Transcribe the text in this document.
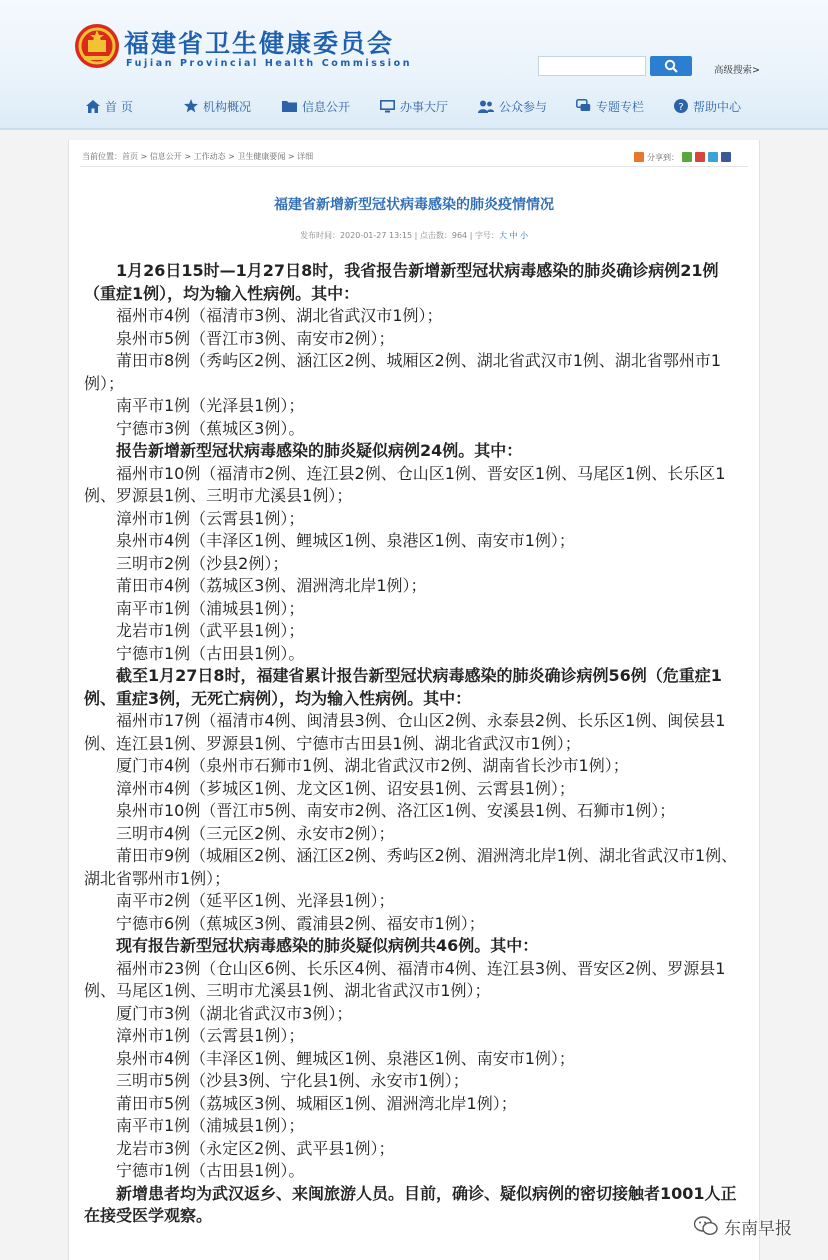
福建省卫生健康委员会
Fujian Provincial Health Commission
高级搜索>
首 页	机构概况	信息公开	办事大厅	公众参与	专题专栏	? 帮助中心
当前位置：首页 > 信息公开 > 工作动态 > 卫生健康要闻 > 详细	分享到：
福建省新增新型冠状病毒感染的肺炎疫情情况
发布时间：2020-01-27 13:15 | 点击数：964 | 字号：大 中 小

1月26日15时—1月27日8时，我省报告新增新型冠状病毒感染的肺炎确诊病例21例（重症1例），均为输入性病例。其中：

福州市4例（福清市3例、湖北省武汉市1例）；

泉州市5例（晋江市3例、南安市2例）；

莆田市8例（秀屿区2例、涵江区2例、城厢区2例、湖北省武汉市1例、湖北省鄂州市1例）；

南平市1例（光泽县1例）；

宁德市3例（蕉城区3例）。

报告新增新型冠状病毒感染的肺炎疑似病例24例。其中：

福州市10例（福清市2例、连江县2例、仓山区1例、晋安区1例、马尾区1例、长乐区1例、罗源县1例、三明市尤溪县1例）；

漳州市1例（云霄县1例）；

泉州市4例（丰泽区1例、鲤城区1例、泉港区1例、南安市1例）；

三明市2例（沙县2例）；

莆田市4例（荔城区3例、湄洲湾北岸1例）；

南平市1例（浦城县1例）；

龙岩市1例（武平县1例）；

宁德市1例（古田县1例）。

截至1月27日8时，福建省累计报告新型冠状病毒感染的肺炎确诊病例56例（危重症1例、重症3例，无死亡病例），均为输入性病例。其中：

福州市17例（福清市4例、闽清县3例、仓山区2例、永泰县2例、长乐区1例、闽侯县1例、连江县1例、罗源县1例、宁德市古田县1例、湖北省武汉市1例）；

厦门市4例（泉州市石狮市1例、湖北省武汉市2例、湖南省长沙市1例）；

漳州市4例（芗城区1例、龙文区1例、诏安县1例、云霄县1例）；

泉州市10例（晋江市5例、南安市2例、洛江区1例、安溪县1例、石狮市1例）；

三明市4例（三元区2例、永安市2例）；

莆田市9例（城厢区2例、涵江区2例、秀屿区2例、湄洲湾北岸1例、湖北省武汉市1例、湖北省鄂州市1例）；

南平市2例（延平区1例、光泽县1例）；

宁德市6例（蕉城区3例、霞浦县2例、福安市1例）；

现有报告新型冠状病毒感染的肺炎疑似病例共46例。其中：

福州市23例（仓山区6例、长乐区4例、福清市4例、连江县3例、晋安区2例、罗源县1例、马尾区1例、三明市尤溪县1例、湖北省武汉市1例）；

厦门市3例（湖北省武汉市3例）；

漳州市1例（云霄县1例）；

泉州市4例（丰泽区1例、鲤城区1例、泉港区1例、南安市1例）；

三明市5例（沙县3例、宁化县1例、永安市1例）；

莆田市5例（荔城区3例、城厢区1例、湄洲湾北岸1例）；

南平市1例（浦城县1例）；

龙岩市3例（永定区2例、武平县1例）；

宁德市1例（古田县1例）。

新增患者均为武汉返乡、来闽旅游人员。目前，确诊、疑似病例的密切接触者1001人正在接受医学观察。

东南早报
